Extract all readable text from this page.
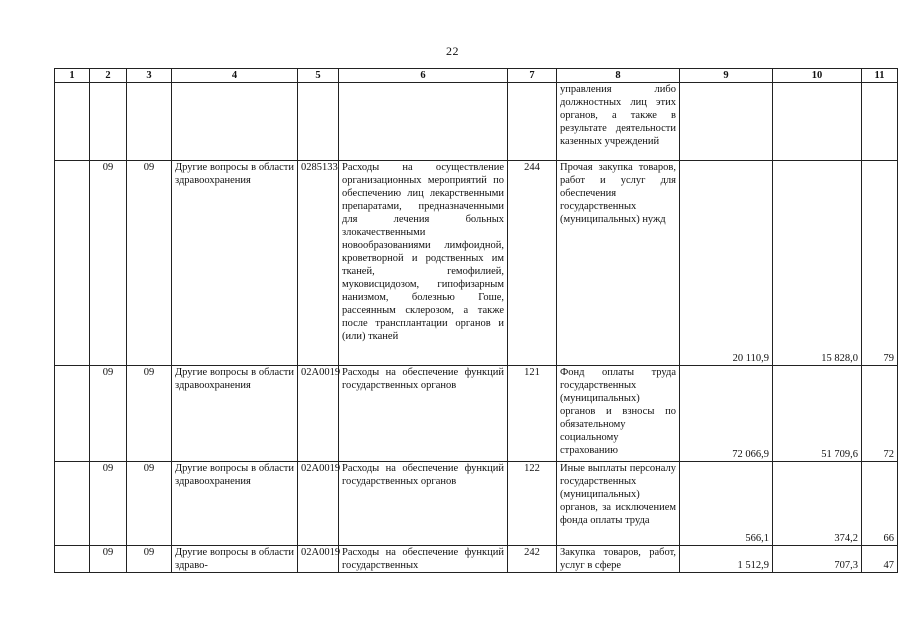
22
1	2	3	4	5	6	7	8	9	10	11
							управления либо должностных лиц этих органов, а также в результате деятельности казенных учреждений			
	09	09	Другие вопросы в области здравоохранения	0285133	Расходы на осуществление организационных мероприятий по обеспечению лиц лекарственными препаратами, предназначенными для лечения больных злокачественными новообразованиями лимфоидной, кроветворной и родственных им тканей, гемофилией, муковисцидозом, гипофизарным нанизмом, болезнью Гоше, рассеянным склерозом, а также после трансплантации органов и (или) тканей	244	Прочая закупка товаров, работ и услуг для обеспечения государственных (муниципальных) нужд	20 110,9	15 828,0	79
	09	09	Другие вопросы в области здравоохранения	02А0019	Расходы на обеспечение функций государственных органов	121	Фонд оплаты труда государственных (муниципальных) органов и взносы по обязательному социальному страхованию	72 066,9	51 709,6	72
	09	09	Другие вопросы в области здравоохранения	02А0019	Расходы на обеспечение функций государственных органов	122	Иные выплаты персоналу государственных (муниципальных) органов, за исключением фонда оплаты труда	566,1	374,2	66
	09	09	Другие вопросы в области здраво-	02А0019	Расходы на обеспечение функций государственных	242	Закупка товаров, работ, услуг в сфере	1 512,9	707,3	47
